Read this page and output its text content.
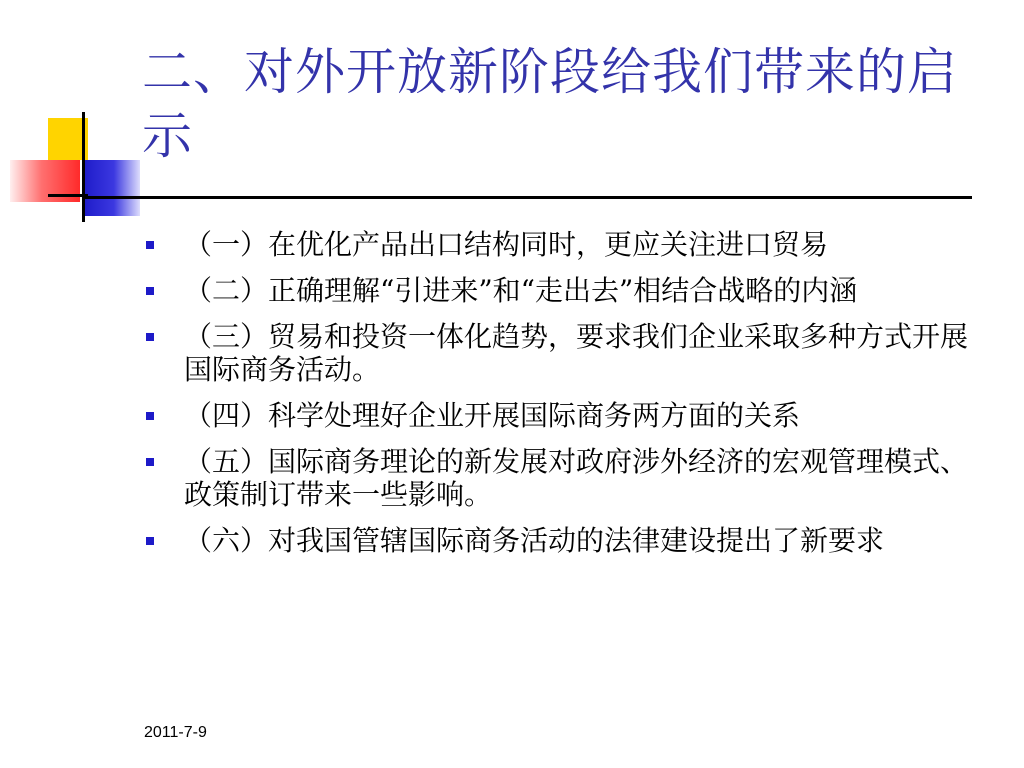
二、对外开放新阶段给我们带来的启示
（一）在优化产品出口结构同时，更应关注进口贸易
（二）正确理解“引进来”和“走出去”相结合战略的内涵
（三）贸易和投资一体化趋势，要求我们企业采取多种方式开展国际商务活动。
（四）科学处理好企业开展国际商务两方面的关系
（五）国际商务理论的新发展对政府涉外经济的宏观管理模式、政策制订带来一些影响。
（六）对我国管辖国际商务活动的法律建设提出了新要求
2011-7-9
